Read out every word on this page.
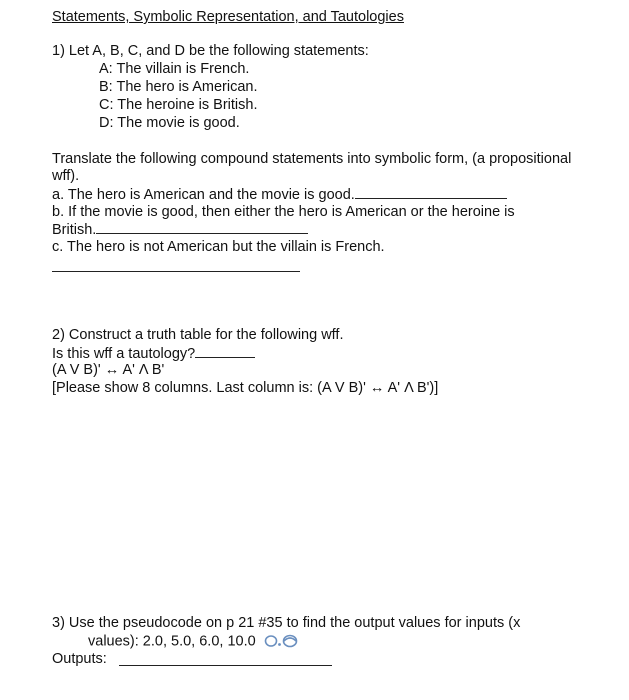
Statements, Symbolic Representation, and Tautologies
1) Let A, B, C, and D be the following statements:
A: The villain is French.
B: The hero is American.
C: The heroine is British.
D: The movie is good.
Translate the following compound statements into symbolic form, (a propositional
wff).
a. The hero is American and the movie is good.
b. If the movie is good, then either the hero is American or the heroine is
British.
c. The hero is not American but the villain is French.
2) Construct a truth table for the following wff.
Is this wff a tautology?
(A V B)' ↔ A' Λ B'
[Please show 8 columns. Last column is: (A V B)' ↔ A' Λ B')]
3) Use the pseudocode on p 21 #35 to find the output values for inputs (x
values): 2.0, 5.0, 6.0, 10.0
Outputs:
